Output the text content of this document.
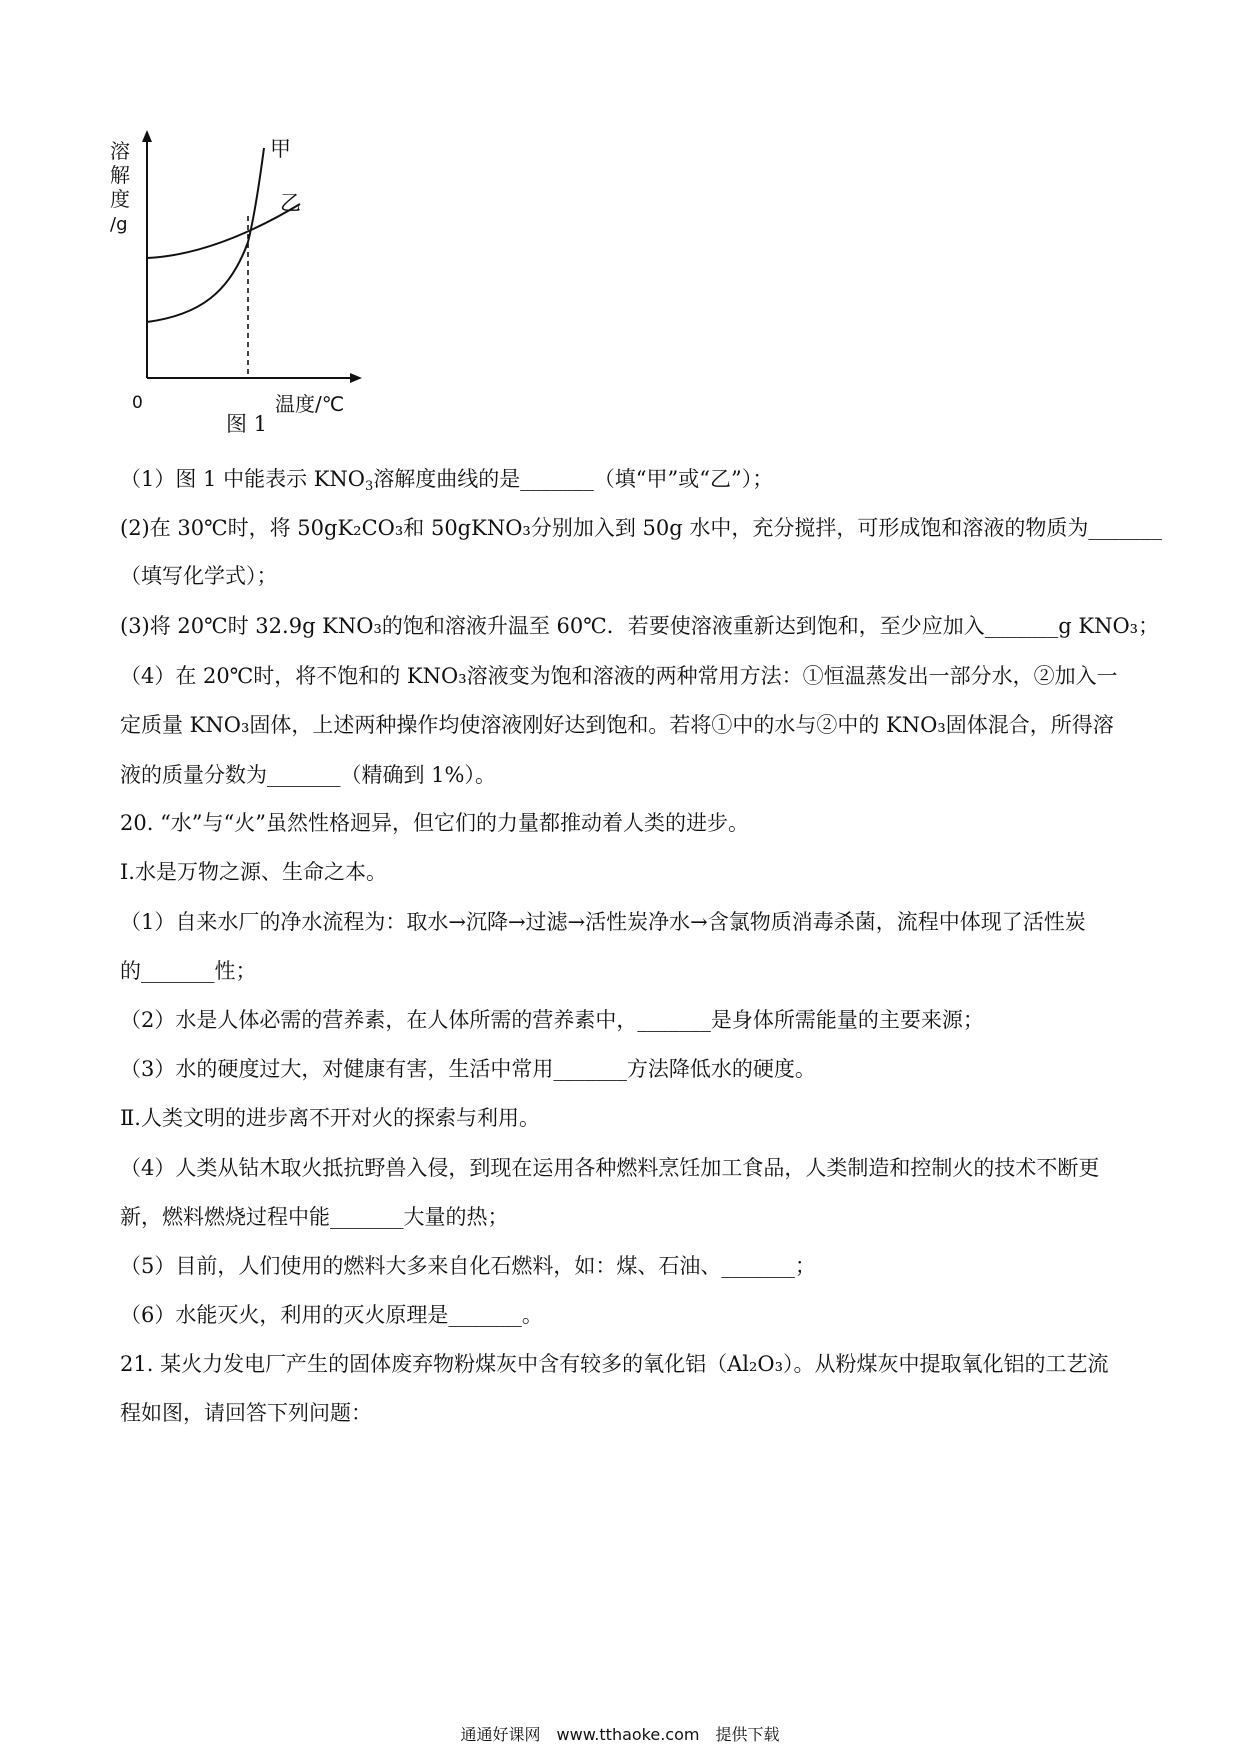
溶
解
度
/g
甲
乙
0	温度/℃
图 1
（1）图 1 中能表示 $KNO_3$溶解度曲线的是_______（填“甲”或“乙”）；
(2)在 30℃时，将 50gK₂CO₃和 50gKNO₃分别加入到 50g 水中，充分搅拌，可形成饱和溶液的物质为_______
（填写化学式）；
(3)将 20℃时 32.9g KNO₃的饱和溶液升温至 60℃．若要使溶液重新达到饱和，至少应加入_______g KNO₃；
（4）在 20℃时，将不饱和的 KNO₃溶液变为饱和溶液的两种常用方法：①恒温蒸发出一部分水，②加入一
定质量 KNO₃固体，上述两种操作均使溶液刚好达到饱和。若将①中的水与②中的 KNO₃固体混合，所得溶
液的质量分数为_______（精确到 1%）。
20. “水”与“火”虽然性格迥异，但它们的力量都推动着人类的进步。
Ⅰ.水是万物之源、生命之本。
（1）自来水厂的净水流程为：取水→沉降→过滤→活性炭净水→含氯物质消毒杀菌，流程中体现了活性炭
的_______性；
（2）水是人体必需的营养素，在人体所需的营养素中，_______是身体所需能量的主要来源；
（3）水的硬度过大，对健康有害，生活中常用_______方法降低水的硬度。
Ⅱ.人类文明的进步离不开对火的探索与利用。
（4）人类从钻木取火抵抗野兽入侵，到现在运用各种燃料烹饪加工食品，人类制造和控制火的技术不断更
新，燃料燃烧过程中能_______大量的热；
（5）目前，人们使用的燃料大多来自化石燃料，如：煤、石油、_______；
（6）水能灭火，利用的灭火原理是_______。
21. 某火力发电厂产生的固体废弃物粉煤灰中含有较多的氧化铝（Al₂O₃）。从粉煤灰中提取氧化铝的工艺流
程如图，请回答下列问题：
通通好课网　www.tthaoke.com　提供下载
